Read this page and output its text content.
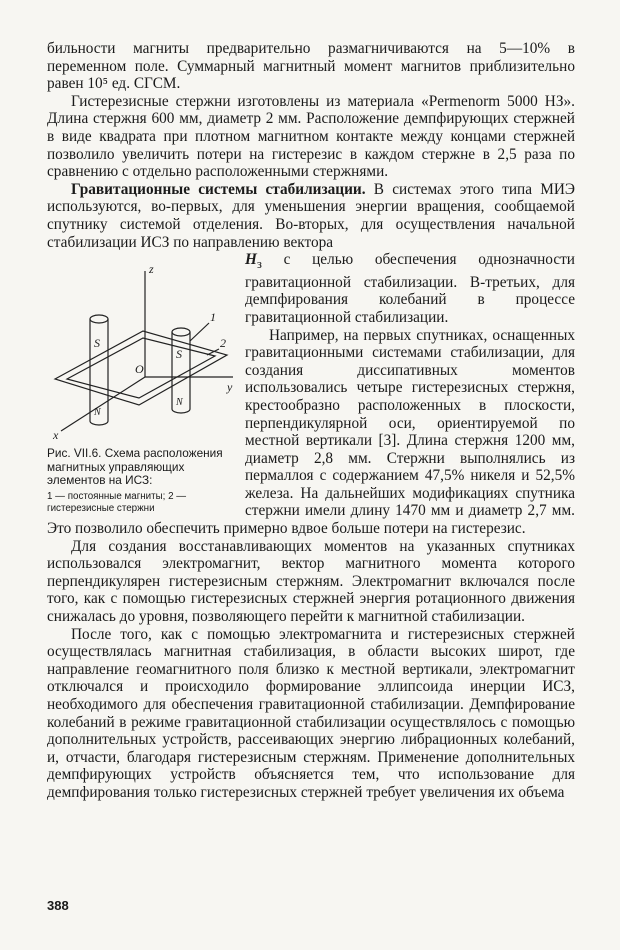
бильности магниты предварительно размагничиваются на 5—10% в переменном поле. Суммарный магнитный момент магнитов приблизительно равен 10⁵ ед. СГСМ.

Гистерезисные стержни изготовлены из материала «Permenorm 5000 НЗ». Длина стержня 600 мм, диаметр 2 мм. Расположение демпфирующих стержней в виде квадрата при плотном магнитном контакте между концами стержней позволило увеличить потери на гистерезис в каждом стержне в 2,5 раза по сравнению с отдельно расположенными стержнями.

Гравитационные системы стабилизации. В системах этого типа МИЭ используются, во-первых, для уменьшения энергии вращения, сообщаемой спутнику системой отделения. Во-вторых, для осуществления начальной стабилизации ИСЗ по направлению вектора

z
y
x
O
S
S
N
N
1
2
Рис. VII.6. Схема расположения магнитных управляющих элементов на ИСЗ:
1 — постоянные магниты; 2 — гистерезисные стержни

$H_з$ с целью обеспечения однозначности гравитационной стабилизации. В-третьих, для демпфирования колебаний в процессе гравитационной стабилизации.

Например, на первых спутниках, оснащенных гравитационными системами стабилизации, для создания диссипативных моментов использовались четыре гистерезисных стержня, крестообразно расположенных в плоскости, перпендикулярной оси, ориентируемой по местной вертикали [3]. Длина стержня 1200 мм, диаметр 2,8 мм. Стержни выполнялись из пермаллоя с содержанием 47,5% никеля и 52,5% железа. На дальнейших модификациях спутника стержни имели длину 1470 мм и диаметр 2,7 мм. Это позволило обеспечить примерно вдвое больше потери на гистерезис.

Для создания восстанавливающих моментов на указанных спутниках использовался электромагнит, вектор магнитного момента которого перпендикулярен гистерезисным стержням. Электромагнит включался после того, как с помощью гистерезисных стержней энергия ротационного движения снижалась до уровня, позволяющего перейти к магнитной стабилизации.

После того, как с помощью электромагнита и гистерезисных стержней осуществлялась магнитная стабилизация, в области высоких широт, где направление геомагнитного поля близко к местной вертикали, электромагнит отключался и происходило формирование эллипсоида инерции ИСЗ, необходимого для обеспечения гравитационной стабилизации. Демпфирование колебаний в режиме гравитационной стабилизации осуществлялось с помощью дополнительных устройств, рассеивающих энергию либрационных колебаний, и, отчасти, благодаря гистерезисным стержням. Применение дополнительных демпфирующих устройств объясняется тем, что использование для демпфирования только гистерезисных стержней требует увеличения их объема

388
